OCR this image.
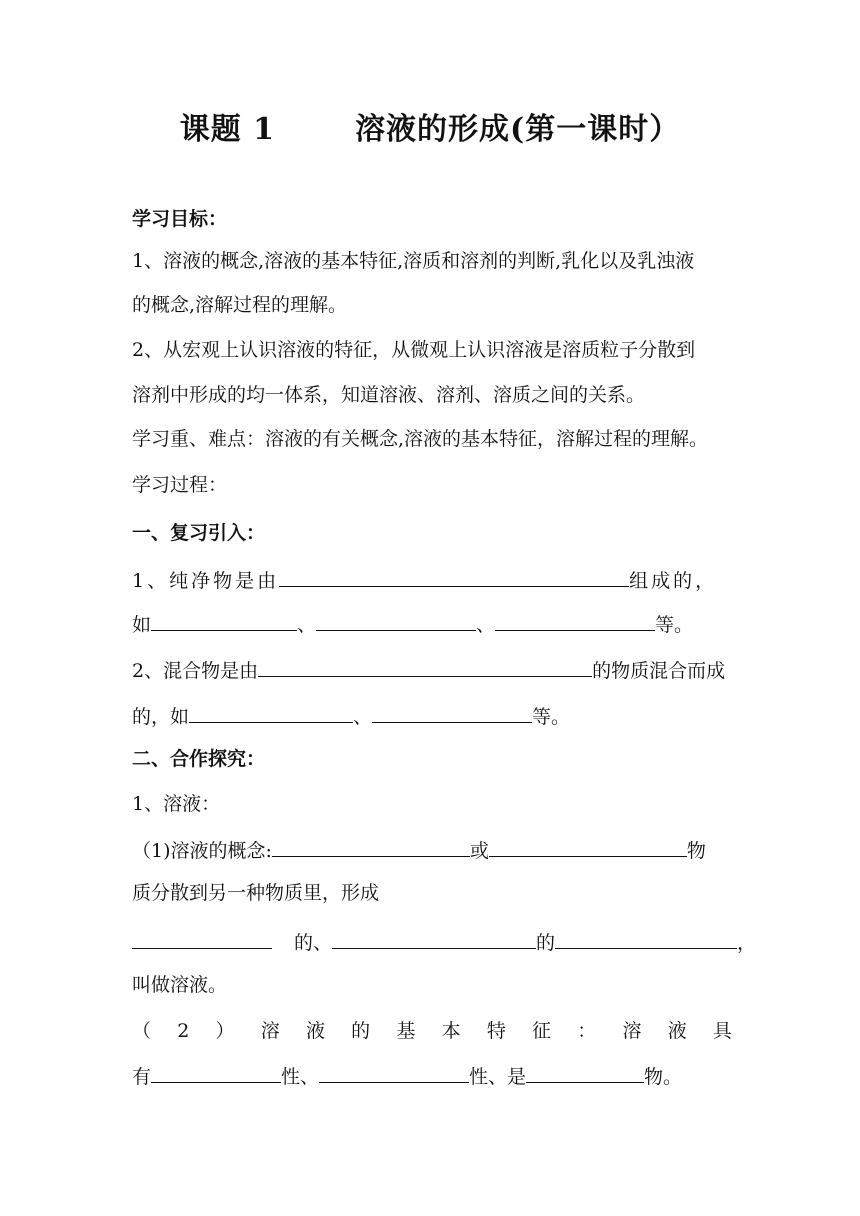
课题 1	溶液的形成(第一课时）
学习目标：
1、溶液的概念,溶液的基本特征,溶质和溶剂的判断,乳化以及乳浊液
的概念,溶解过程的理解。
2、从宏观上认识溶液的特征，从微观上认识溶液是溶质粒子分散到
溶剂中形成的均一体系，知道溶液、溶剂、溶质之间的关系。
学习重、难点：溶液的有关概念,溶液的基本特征，溶解过程的理解。
学习过程：
一、复习引入：
1、纯净物是由	组成的，
如	、	、	等。
2、混合物是由	的物质混合而成
的，如	、	等。
二、合作探究：
1、溶液：
（1)溶液的概念:	或	物
质分散到另一种物质里，形成
的、	的	，
叫做溶液。
（ 2 ） 溶 液 的 基 本 特 征 ： 溶 液 具
有	性、	性、是	物。
